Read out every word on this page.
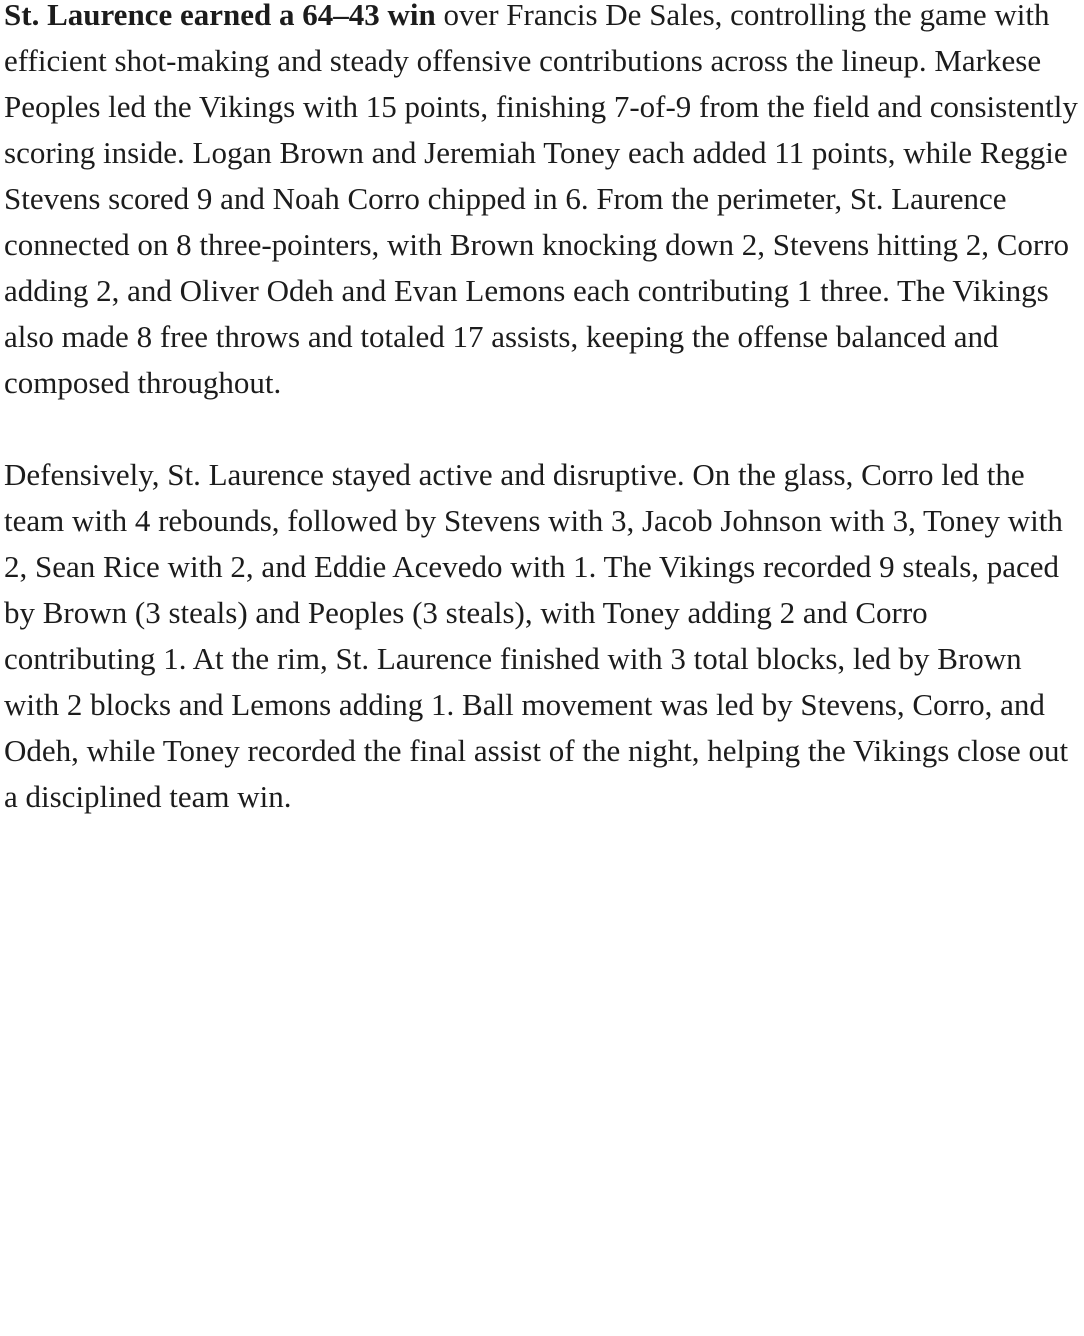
St. Laurence earned a 64–43 win over Francis De Sales, controlling the game with efficient shot-making and steady offensive contributions across the lineup. Markese Peoples led the Vikings with 15 points, finishing 7-of-9 from the field and consistently scoring inside. Logan Brown and Jeremiah Toney each added 11 points, while Reggie Stevens scored 9 and Noah Corro chipped in 6. From the perimeter, St. Laurence connected on 8 three-pointers, with Brown knocking down 2, Stevens hitting 2, Corro adding 2, and Oliver Odeh and Evan Lemons each contributing 1 three. The Vikings also made 8 free throws and totaled 17 assists, keeping the offense balanced and composed throughout.

Defensively, St. Laurence stayed active and disruptive. On the glass, Corro led the team with 4 rebounds, followed by Stevens with 3, Jacob Johnson with 3, Toney with 2, Sean Rice with 2, and Eddie Acevedo with 1. The Vikings recorded 9 steals, paced by Brown (3 steals) and Peoples (3 steals), with Toney adding 2 and Corro contributing 1. At the rim, St. Laurence finished with 3 total blocks, led by Brown with 2 blocks and Lemons adding 1. Ball movement was led by Stevens, Corro, and Odeh, while Toney recorded the final assist of the night, helping the Vikings close out a disciplined team win.
